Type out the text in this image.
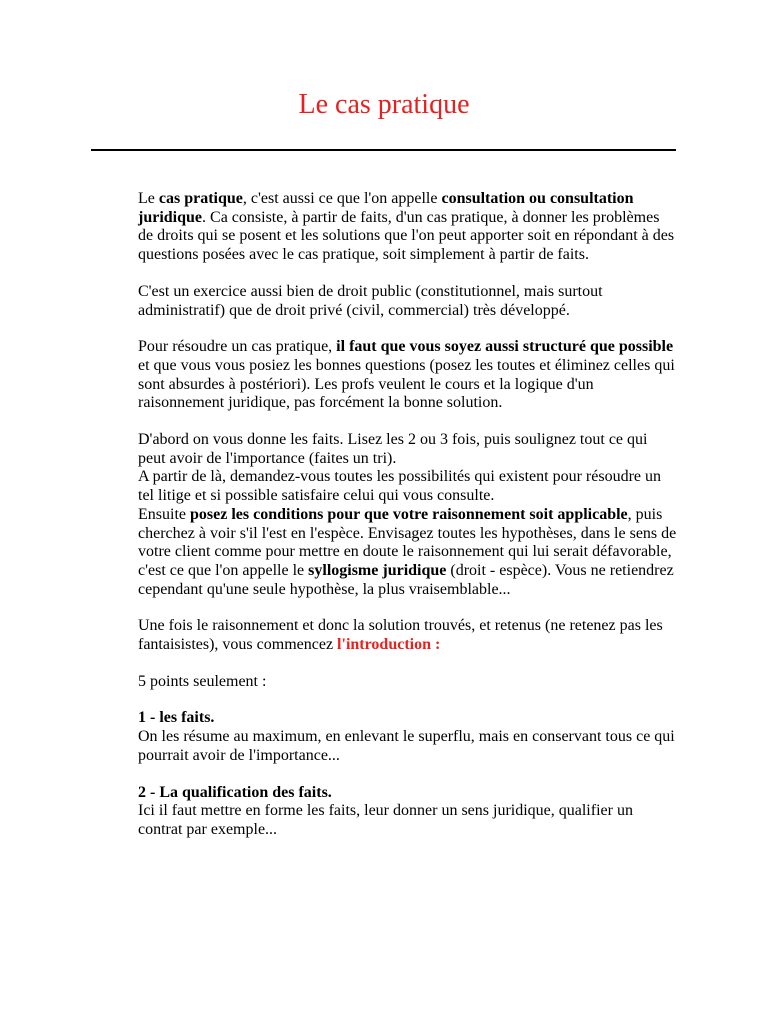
Le cas pratique

Le cas pratique, c'est aussi ce que l'on appelle consultation ou consultation juridique. Ca consiste, à partir de faits, d'un cas pratique, à donner les problèmes de droits qui se posent et les solutions que l'on peut apporter soit en répondant à des questions posées avec le cas pratique, soit simplement à partir de faits.

C'est un exercice aussi bien de droit public (constitutionnel, mais surtout administratif) que de droit privé (civil, commercial) très développé.

Pour résoudre un cas pratique, il faut que vous soyez aussi structuré que possible et que vous vous posiez les bonnes questions (posez les toutes et éliminez celles qui sont absurdes à postériori). Les profs veulent le cours et la logique d'un raisonnement juridique, pas forcément la bonne solution.

D'abord on vous donne les faits. Lisez les 2 ou 3 fois, puis soulignez tout ce qui peut avoir de l'importance (faites un tri).

A partir de là, demandez-vous toutes les possibilités qui existent pour résoudre un tel litige et si possible satisfaire celui qui vous consulte.

Ensuite posez les conditions pour que votre raisonnement soit applicable, puis cherchez à voir s'il l'est en l'espèce. Envisagez toutes les hypothèses, dans le sens de votre client comme pour mettre en doute le raisonnement qui lui serait défavorable, c'est ce que l'on appelle le syllogisme juridique (droit - espèce). Vous ne retiendrez cependant qu'une seule hypothèse, la plus vraisemblable...

Une fois le raisonnement et donc la solution trouvés, et retenus (ne retenez pas les fantaisistes), vous commencez l'introduction :

5 points seulement :

1 - les faits.
On les résume au maximum, en enlevant le superflu, mais en conservant tous ce qui pourrait avoir de l'importance...

2 - La qualification des faits.
Ici il faut mettre en forme les faits, leur donner un sens juridique, qualifier un contrat par exemple...
